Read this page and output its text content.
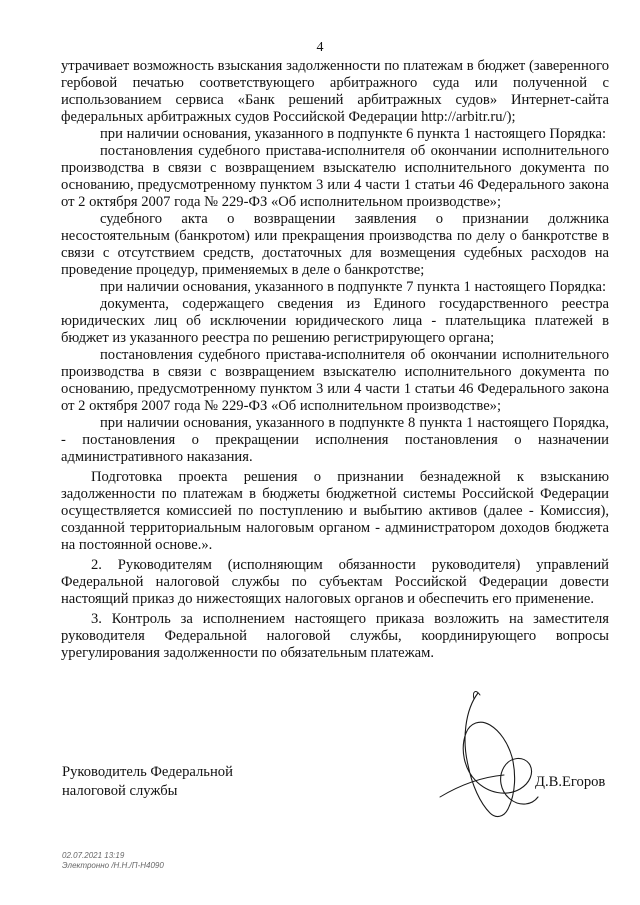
4

утрачивает возможность взыскания задолженности по платежам в бюджет (заверенного гербовой печатью соответствующего арбитражного суда или полученной с использованием сервиса «Банк решений арбитражных судов» Интернет-сайта федеральных арбитражных судов Российской Федерации http://arbitr.ru/);

при наличии основания, указанного в подпункте 6 пункта 1 настоящего Порядка:

постановления судебного пристава-исполнителя об окончании исполнительного производства в связи с возвращением взыскателю исполнительного документа по основанию, предусмотренному пунктом 3 или 4 части 1 статьи 46 Федерального закона от 2 октября 2007 года № 229-ФЗ «Об исполнительном производстве»;

судебного акта о возвращении заявления о признании должника несостоятельным (банкротом) или прекращения производства по делу о банкротстве в связи с отсутствием средств, достаточных для возмещения судебных расходов на проведение процедур, применяемых в деле о банкротстве;

при наличии основания, указанного в подпункте 7 пункта 1 настоящего Порядка:

документа, содержащего сведения из Единого государственного реестра юридических лиц об исключении юридического лица - плательщика платежей в бюджет из указанного реестра по решению регистрирующего органа;

постановления судебного пристава-исполнителя об окончании исполнительного производства в связи с возвращением взыскателю исполнительного документа по основанию, предусмотренному пунктом 3 или 4 части 1 статьи 46 Федерального закона от 2 октября 2007 года № 229-ФЗ «Об исполнительном производстве»;

при наличии основания, указанного в подпункте 8 пункта 1 настоящего Порядка, - постановления о прекращении исполнения постановления о назначении административного наказания.

Подготовка проекта решения о признании безнадежной к взысканию задолженности по платежам в бюджеты бюджетной системы Российской Федерации осуществляется комиссией по поступлению и выбытию активов (далее - Комиссия), созданной территориальным налоговым органом - администратором доходов бюджета на постоянной основе.».

2. Руководителям (исполняющим обязанности руководителя) управлений Федеральной налоговой службы по субъектам Российской Федерации довести настоящий приказ до нижестоящих налоговых органов и обеспечить его применение.

3. Контроль за исполнением настоящего приказа возложить на заместителя руководителя Федеральной налоговой службы, координирующего вопросы урегулирования задолженности по обязательным платежам.

Руководитель Федеральной
налоговой службы
Д.В.Егоров
02.07.2021 13:19
Электронно /Н.Н./П-Н4090
